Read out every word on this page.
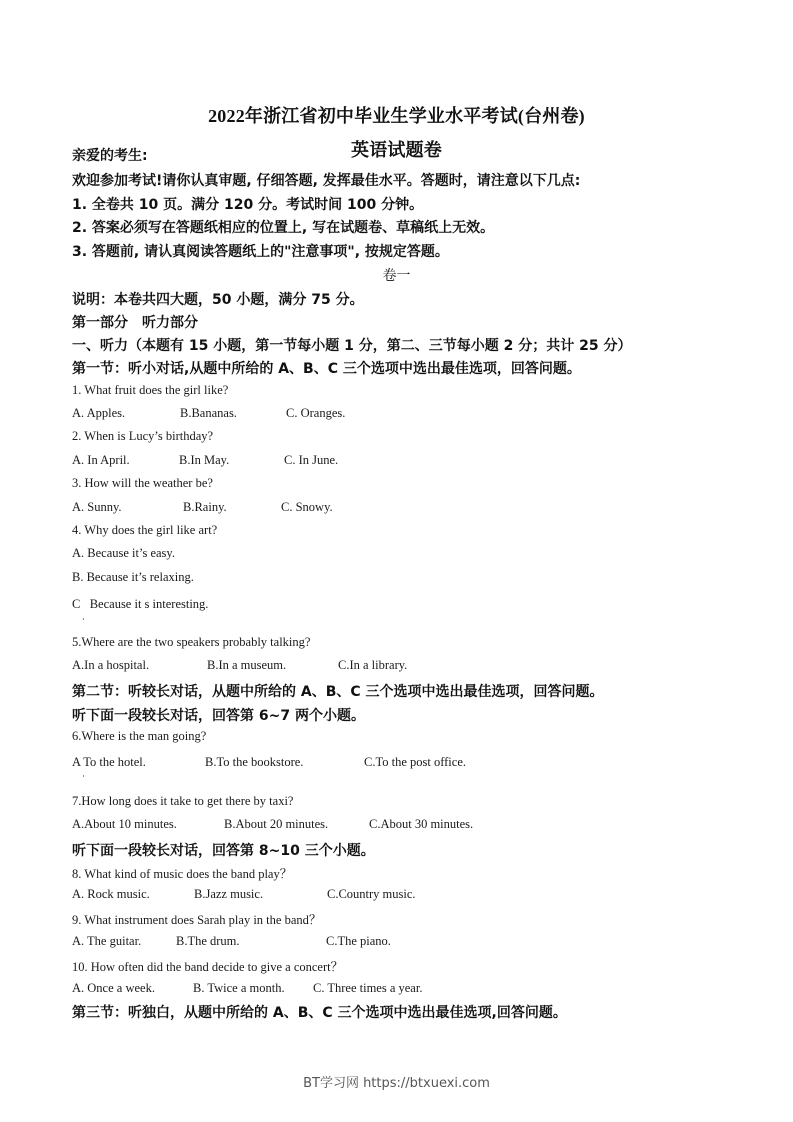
2022年浙江省初中毕业生学业水平考试(台州卷)
英语试题卷
亲爱的考生:
欢迎参加考试!请你认真审题, 仔细答题, 发挥最佳水平。答题时，请注意以下几点:
1. 全卷共 10 页。满分 120 分。考试时间 100 分钟。
2. 答案必须写在答题纸相应的位置上, 写在试题卷、草稿纸上无效。
3. 答题前, 请认真阅读答题纸上的"注意事项", 按规定答题。
卷一
说明：本卷共四大题，50 小题，满分 75 分。
第一部分　听力部分
一、听力（本题有 15 小题，第一节每小题 1 分，第二、三节每小题 2 分；共计 25 分）
第一节：听小对话,从题中所给的 A、B、C 三个选项中选出最佳选项，回答问题。
1. What fruit does the girl like?
A. Apples.	B.Bananas.	C. Oranges.
2. When is Lucy’s birthday?
A. In April.	B.In May.	C. In June.
3. How will the weather be?
A. Sunny.	B.Rainy.	C. Snowy.
4. Why does the girl like art?
A. Because it’s easy.
B. Because it’s relaxing.
C   Because it s interesting.
5.Where are the two speakers probably talking?
A.In a hospital.	B.In a museum.	C.In a library.
第二节：听较长对话，从题中所给的 A、B、C 三个选项中选出最佳选项，回答问题。
听下面一段较长对话，回答第 6~7 两个小题。
6.Where is the man going?
A To the hotel.	B.To the bookstore.	C.To the post office.
7.How long does it take to get there by taxi?
A.About 10 minutes.	B.About 20 minutes.	C.About 30 minutes.
听下面一段较长对话，回答第 8~10 三个小题。
8. What kind of music does the band play？
A. Rock music.	B.Jazz music.	C.Country music.
9. What instrument does Sarah play in the band？
A. The guitar.	B.The drum.	C.The piano.
10. How often did the band decide to give a concert？
A. Once a week.	B. Twice a month. C. Three times a year.
第三节：听独白，从题中所给的 A、B、C 三个选项中选出最佳选项,回答问题。
BT学习网 https://btxuexi.com
